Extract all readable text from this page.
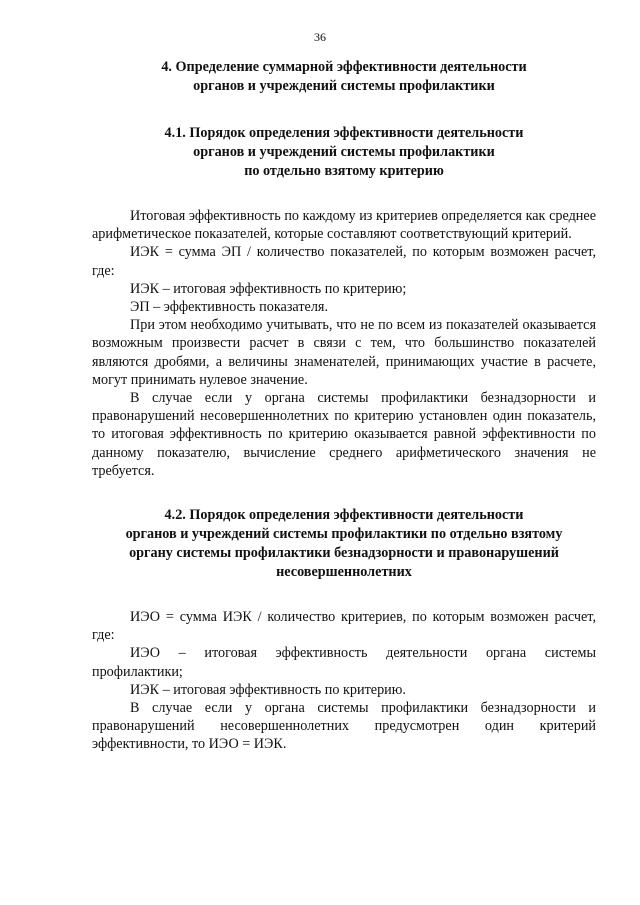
36
4. Определение суммарной эффективности деятельности
органов и учреждений системы профилактики
4.1. Порядок определения эффективности деятельности
органов и учреждений системы профилактики
по отдельно взятому критерию

Итоговая эффективность по каждому из критериев определяется как среднее арифметическое показателей, которые составляют соответствующий критерий.

ИЭК = сумма ЭП / количество показателей, по которым возможен расчет, где:

ИЭК – итоговая эффективность по критерию;

ЭП – эффективность показателя.

При этом необходимо учитывать, что не по всем из показателей оказывается возможным произвести расчет в связи с тем, что большинство показателей являются дробями, а величины знаменателей, принимающих участие в расчете, могут принимать нулевое значение.

В случае если у органа системы профилактики безнадзорности и правонарушений несовершеннолетних по критерию установлен один показатель, то итоговая эффективность по критерию оказывается равной эффективности по данному показателю, вычисление среднего арифметического значения не требуется.

4.2. Порядок определения эффективности деятельности
органов и учреждений системы профилактики по отдельно взятому
органу системы профилактики безнадзорности и правонарушений
несовершеннолетних

ИЭО = сумма ИЭК / количество критериев, по которым возможен расчет, где:

ИЭО – итоговая эффективность деятельности органа системы профилактики;

ИЭК – итоговая эффективность по критерию.

В случае если у органа системы профилактики безнадзорности и правонарушений несовершеннолетних предусмотрен один критерий эффективности, то ИЭО = ИЭК.
